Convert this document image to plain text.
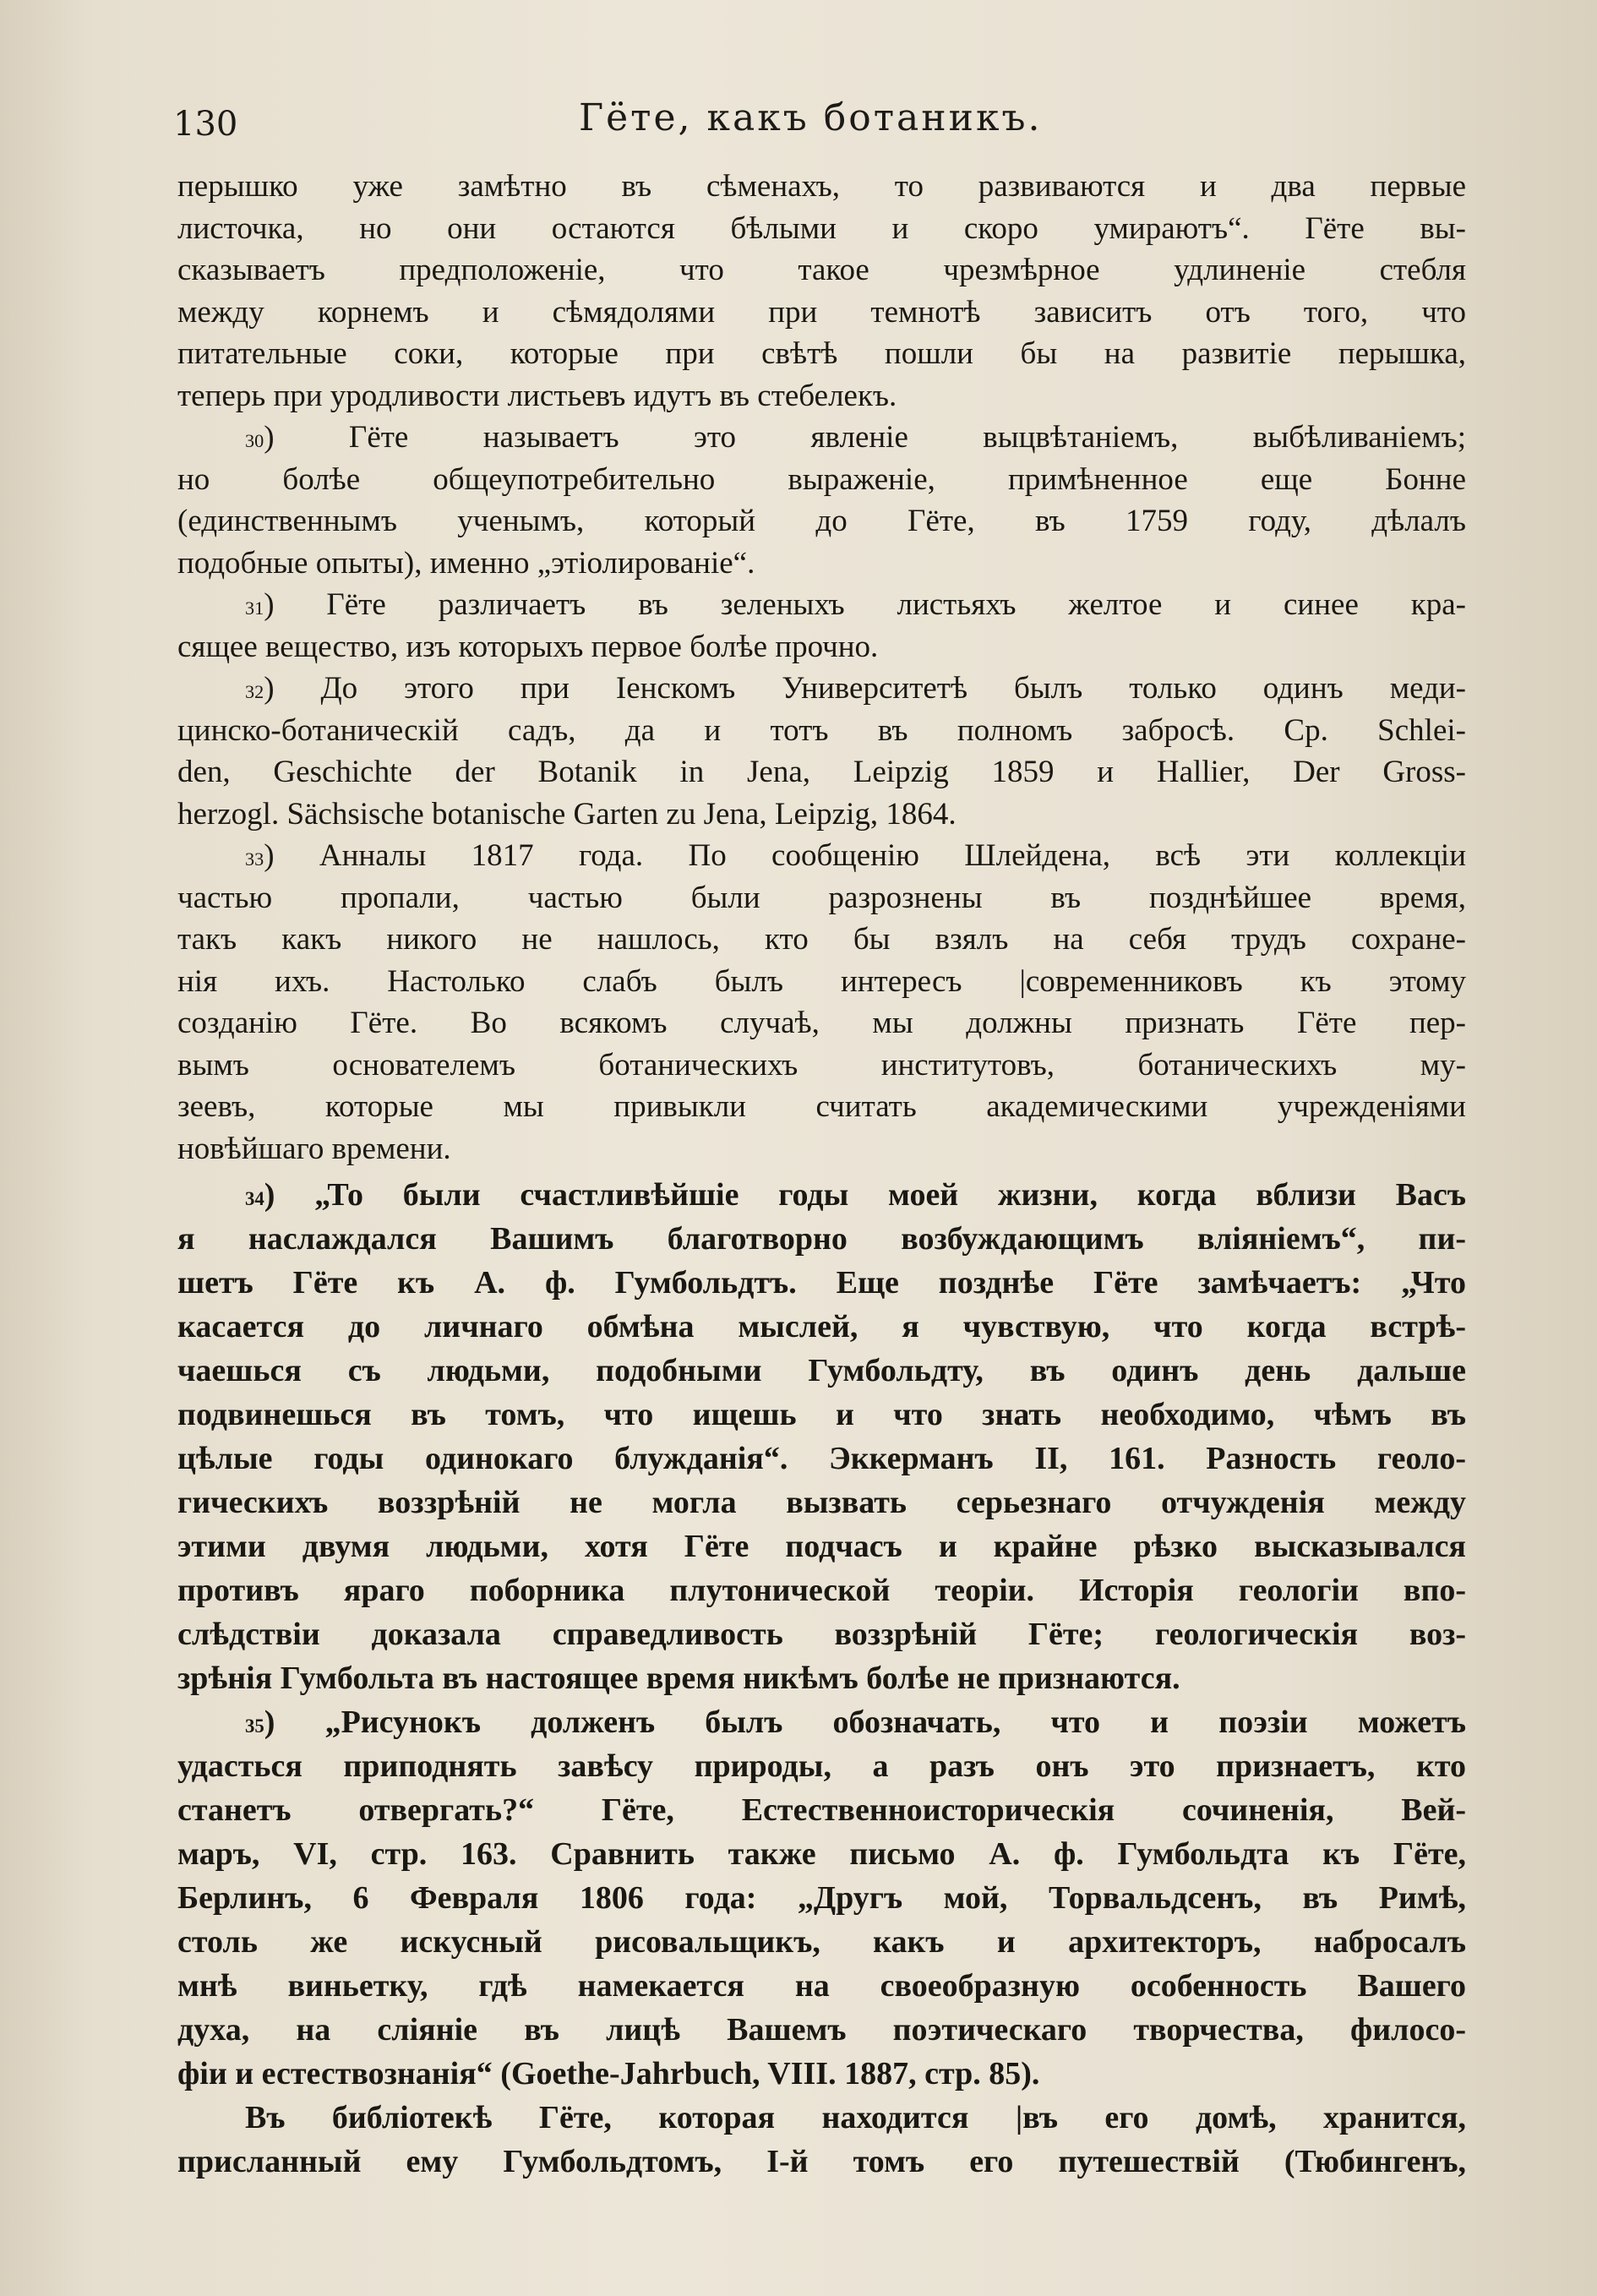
130	Гёте, какъ ботаникъ.
перышко уже замѣтно въ сѣменахъ, то развиваются и два первые
листочка, но они остаются бѣлыми и скоро умираютъ“. Гёте вы-
сказываетъ предположеніе, что такое чрезмѣрное удлиненіе стебля
между корнемъ и сѣмядолями при темнотѣ зависитъ отъ того, что
питательные соки, которые при свѣтѣ пошли бы на развитіе перышка,
теперь при уродливости листьевъ идутъ въ стебелекъ.
$^{30}$) Гёте называетъ это явленіе выцвѣтаніемъ, выбѣливаніемъ;
но болѣе общеупотребительно выраженіе, примѣненное еще Бонне
(единственнымъ ученымъ, который до Гёте, въ 1759 году, дѣлалъ
подобные опыты), именно „этіолированіе“.
$^{31}$) Гёте различаетъ въ зеленыхъ листьяхъ желтое и синее кра-
сящее вещество, изъ которыхъ первое болѣе прочно.
$^{32}$) До этого при Іенскомъ Университетѣ былъ только одинъ меди-
цинско-ботаническій садъ, да и тотъ въ полномъ забросѣ. Ср. Schlei-
den, Geschichte der Botanik in Jena, Leipzig 1859 и Hallier, Der Gross-
herzogl. Sächsische botanische Garten zu Jena, Leipzig, 1864.
$^{33}$) Анналы 1817 года. По сообщенію Шлейдена, всѣ эти коллекціи
частью пропали, частью были разрознены въ позднѣйшее время,
такъ какъ никого не нашлось, кто бы взялъ на себя трудъ сохране-
нія ихъ. Настолько слабъ былъ интересъ |современниковъ къ этому
созданію Гёте. Во всякомъ случаѣ, мы должны признать Гёте пер-
вымъ основателемъ ботаническихъ институтовъ, ботаническихъ му-
зеевъ, которые мы привыкли считать академическими учрежденіями
новѣйшаго времени.
$^{34}$) „То были счастливѣйшіе годы моей жизни, когда вблизи Васъ
я наслаждался Вашимъ благотворно возбуждающимъ вліяніемъ“, пи-
шетъ Гёте къ А. ф. Гумбольдтъ. Еще позднѣе Гёте замѣчаетъ: „Что
касается до личнаго обмѣна мыслей, я чувствую, что когда встрѣ-
чаешься съ людьми, подобными Гумбольдту, въ одинъ день дальше
подвинешься въ томъ, что ищешь и что знать необходимо, чѣмъ въ
цѣлые годы одинокаго блужданія“. Эккерманъ II, 161. Разность геоло-
гическихъ воззрѣній не могла вызвать серьезнаго отчужденія между
этими двумя людьми, хотя Гёте подчасъ и крайне рѣзко высказывался
противъ яраго поборника плутонической теоріи. Исторія геологіи впо-
слѣдствіи доказала справедливость воззрѣній Гёте; геологическія воз-
зрѣнія Гумбольта въ настоящее время никѣмъ болѣе не признаются.
$^{35}$) „Рисунокъ долженъ былъ обозначать, что и поэзіи можетъ
удасться приподнять завѣсу природы, а разъ онъ это признаетъ, кто
станетъ отвергать?“ Гёте, Естественноисторическія сочиненія, Вей-
маръ, VI, стр. 163. Сравнить также письмо А. ф. Гумбольдта къ Гёте,
Берлинъ, 6 Февраля 1806 года: „Другъ мой, Торвальдсенъ, въ Римѣ,
столь же искусный рисовальщикъ, какъ и архитекторъ, набросалъ
мнѣ виньетку, гдѣ намекается на своеобразную особенность Вашего
духа, на сліяніе въ лицѣ Вашемъ поэтическаго творчества, филосо-
фіи и естествознанія“ (Goethe-Jahrbuch, VIII. 1887, стр. 85).
Въ библіотекѣ Гёте, которая находится |въ его домѣ, хранится,
присланный ему Гумбольдтомъ, I-й томъ его путешествій (Тюбингенъ,
